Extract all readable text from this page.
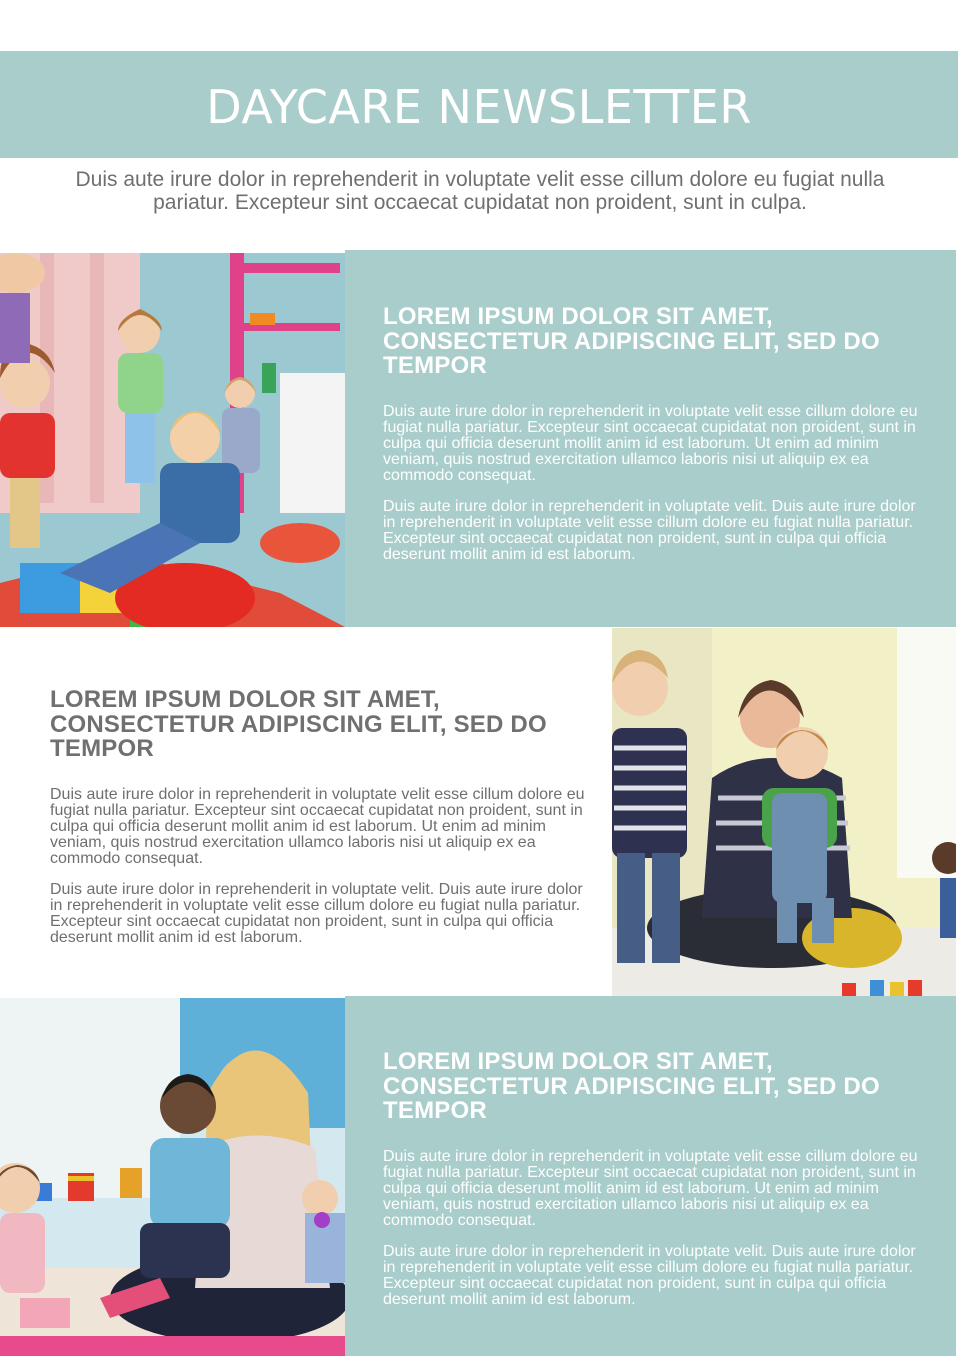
DAYCARE NEWSLETTER
Duis aute irure dolor in reprehenderit in voluptate velit esse cillum dolore eu fugiat nulla pariatur. Excepteur sint occaecat cupidatat non proident, sunt in culpa.
LOREM IPSUM DOLOR SIT AMET, CONSECTETUR ADIPISCING ELIT, SED DO TEMPOR

Duis aute irure dolor in reprehenderit in voluptate velit esse cillum dolore eu fugiat nulla pariatur. Excepteur sint occaecat cupidatat non proident, sunt in culpa qui officia deserunt mollit anim id est laborum. Ut enim ad minim veniam, quis nostrud exercitation ullamco laboris nisi ut aliquip ex ea commodo consequat.

Duis aute irure dolor in reprehenderit in voluptate velit. Duis aute irure dolor in reprehenderit in voluptate velit esse cillum dolore eu fugiat nulla pariatur. Excepteur sint occaecat cupidatat non proident, sunt in culpa qui officia deserunt mollit anim id est laborum.

LOREM IPSUM DOLOR SIT AMET, CONSECTETUR ADIPISCING ELIT, SED DO TEMPOR

Duis aute irure dolor in reprehenderit in voluptate velit esse cillum dolore eu fugiat nulla pariatur. Excepteur sint occaecat cupidatat non proident, sunt in culpa qui officia deserunt mollit anim id est laborum. Ut enim ad minim veniam, quis nostrud exercitation ullamco laboris nisi ut aliquip ex ea commodo consequat.

Duis aute irure dolor in reprehenderit in voluptate velit. Duis aute irure dolor in reprehenderit in voluptate velit esse cillum dolore eu fugiat nulla pariatur. Excepteur sint occaecat cupidatat non proident, sunt in culpa qui officia deserunt mollit anim id est laborum.

LOREM IPSUM DOLOR SIT AMET, CONSECTETUR ADIPISCING ELIT, SED DO TEMPOR

Duis aute irure dolor in reprehenderit in voluptate velit esse cillum dolore eu fugiat nulla pariatur. Excepteur sint occaecat cupidatat non proident, sunt in culpa qui officia deserunt mollit anim id est laborum. Ut enim ad minim veniam, quis nostrud exercitation ullamco laboris nisi ut aliquip ex ea commodo consequat.

Duis aute irure dolor in reprehenderit in voluptate velit. Duis aute irure dolor in reprehenderit in voluptate velit esse cillum dolore eu fugiat nulla pariatur. Excepteur sint occaecat cupidatat non proident, sunt in culpa qui officia deserunt mollit anim id est laborum.
